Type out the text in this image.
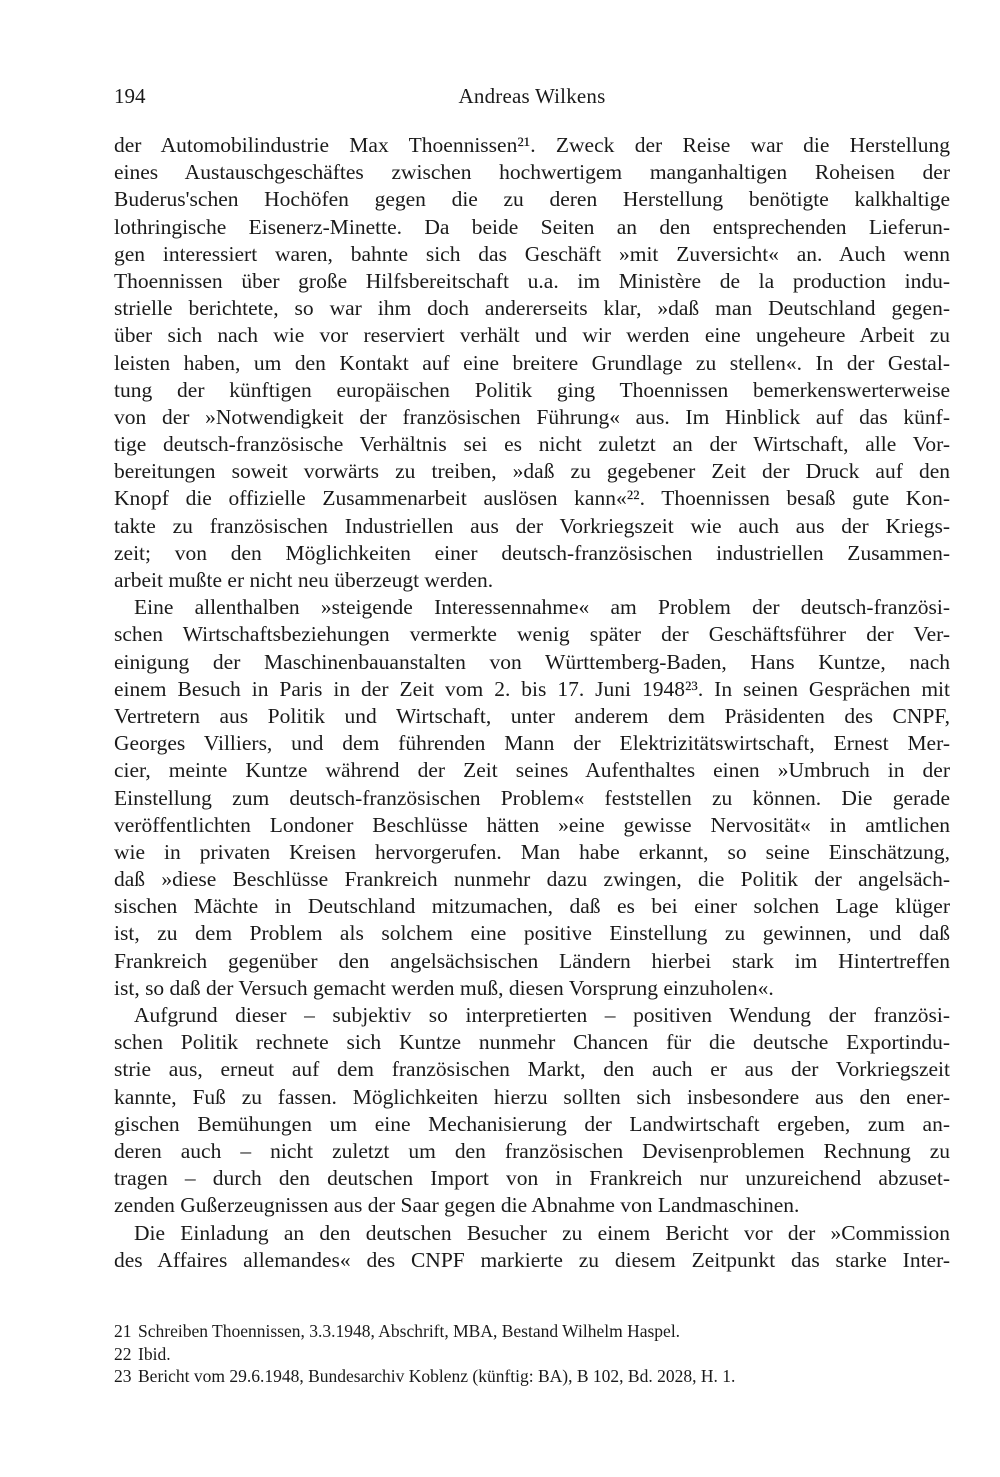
194	Andreas Wilkens
der Automobilindustrie Max Thoennissen²¹. Zweck der Reise war die Herstellung
eines Austauschgeschäftes zwischen hochwertigem manganhaltigen Roheisen der
Buderus'schen Hochöfen gegen die zu deren Herstellung benötigte kalkhaltige
lothringische Eisenerz-Minette. Da beide Seiten an den entsprechenden Lieferun-
gen interessiert waren, bahnte sich das Geschäft »mit Zuversicht« an. Auch wenn
Thoennissen über große Hilfsbereitschaft u.a. im Ministère de la production indu-
strielle berichtete, so war ihm doch andererseits klar, »daß man Deutschland gegen-
über sich nach wie vor reserviert verhält und wir werden eine ungeheure Arbeit zu
leisten haben, um den Kontakt auf eine breitere Grundlage zu stellen«. In der Gestal-
tung der künftigen europäischen Politik ging Thoennissen bemerkenswerterweise
von der »Notwendigkeit der französischen Führung« aus. Im Hinblick auf das künf-
tige deutsch-französische Verhältnis sei es nicht zuletzt an der Wirtschaft, alle Vor-
bereitungen soweit vorwärts zu treiben, »daß zu gegebener Zeit der Druck auf den
Knopf die offizielle Zusammenarbeit auslösen kann«²². Thoennissen besaß gute Kon-
takte zu französischen Industriellen aus der Vorkriegszeit wie auch aus der Kriegs-
zeit; von den Möglichkeiten einer deutsch-französischen industriellen Zusammen-
arbeit mußte er nicht neu überzeugt werden.
Eine allenthalben »steigende Interessennahme« am Problem der deutsch-französi-
schen Wirtschaftsbeziehungen vermerkte wenig später der Geschäftsführer der Ver-
einigung der Maschinenbauanstalten von Württemberg-Baden, Hans Kuntze, nach
einem Besuch in Paris in der Zeit vom 2. bis 17. Juni 1948²³. In seinen Gesprächen mit
Vertretern aus Politik und Wirtschaft, unter anderem dem Präsidenten des CNPF,
Georges Villiers, und dem führenden Mann der Elektrizitätswirtschaft, Ernest Mer-
cier, meinte Kuntze während der Zeit seines Aufenthaltes einen »Umbruch in der
Einstellung zum deutsch-französischen Problem« feststellen zu können. Die gerade
veröffentlichten Londoner Beschlüsse hätten »eine gewisse Nervosität« in amtlichen
wie in privaten Kreisen hervorgerufen. Man habe erkannt, so seine Einschätzung,
daß »diese Beschlüsse Frankreich nunmehr dazu zwingen, die Politik der angelsäch-
sischen Mächte in Deutschland mitzumachen, daß es bei einer solchen Lage klüger
ist, zu dem Problem als solchem eine positive Einstellung zu gewinnen, und daß
Frankreich gegenüber den angelsächsischen Ländern hierbei stark im Hintertreffen
ist, so daß der Versuch gemacht werden muß, diesen Vorsprung einzuholen«.
Aufgrund dieser – subjektiv so interpretierten – positiven Wendung der französi-
schen Politik rechnete sich Kuntze nunmehr Chancen für die deutsche Exportindu-
strie aus, erneut auf dem französischen Markt, den auch er aus der Vorkriegszeit
kannte, Fuß zu fassen. Möglichkeiten hierzu sollten sich insbesondere aus den ener-
gischen Bemühungen um eine Mechanisierung der Landwirtschaft ergeben, zum an-
deren auch – nicht zuletzt um den französischen Devisenproblemen Rechnung zu
tragen – durch den deutschen Import von in Frankreich nur unzureichend abzuset-
zenden Gußerzeugnissen aus der Saar gegen die Abnahme von Landmaschinen.
Die Einladung an den deutschen Besucher zu einem Bericht vor der »Commission
des Affaires allemandes« des CNPF markierte zu diesem Zeitpunkt das starke Inter-
21 Schreiben Thoennissen, 3.3.1948, Abschrift, MBA, Bestand Wilhelm Haspel.
22 Ibid.
23 Bericht vom 29.6.1948, Bundesarchiv Koblenz (künftig: BA), B 102, Bd. 2028, H. 1.
